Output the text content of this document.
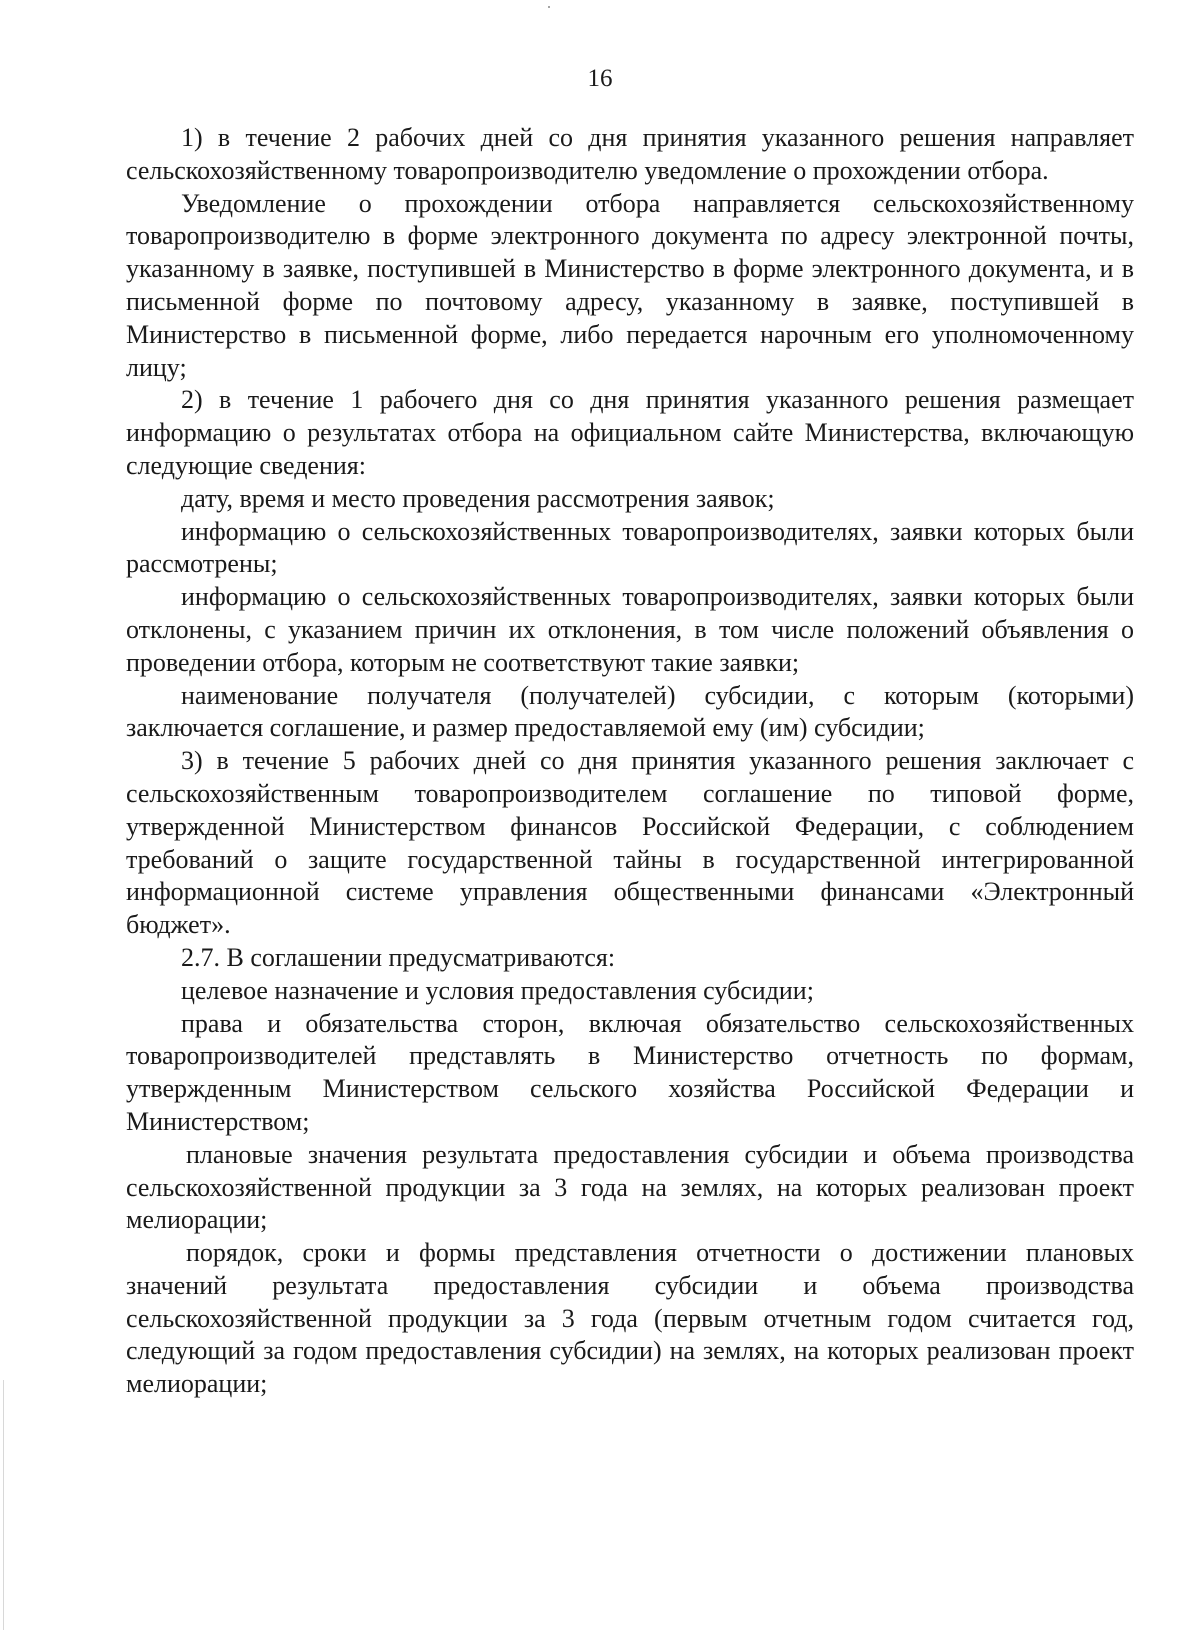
16

1) в течение 2 рабочих дней со дня принятия указанного решения направляет сельскохозяйственному товаропроизводителю уведомление о прохождении отбора.

Уведомление о прохождении отбора направляется сельскохозяйственному товаропроизводителю в форме электронного документа по адресу электронной почты, указанному в заявке, поступившей в Министерство в форме электронного документа, и в письменной форме по почтовому адресу, указанному в заявке, поступившей в Министерство в письменной форме, либо передается нарочным его уполномоченному лицу;

2) в течение 1 рабочего дня со дня принятия указанного решения размещает информацию о результатах отбора на официальном сайте Министерства, включающую следующие сведения:

дату, время и место проведения рассмотрения заявок;

информацию о сельскохозяйственных товаропроизводителях, заявки которых были рассмотрены;

информацию о сельскохозяйственных товаропроизводителях, заявки которых были отклонены, с указанием причин их отклонения, в том числе положений объявления о проведении отбора, которым не соответствуют такие заявки;

наименование получателя (получателей) субсидии, с которым (которыми) заключается соглашение, и размер предоставляемой ему (им) субсидии;

3) в течение 5 рабочих дней со дня принятия указанного решения заключает с сельскохозяйственным товаропроизводителем соглашение по типовой форме, утвержденной Министерством финансов Российской Федерации, с соблюдением требований о защите государственной тайны в государственной интегрированной информационной системе управления общественными финансами «Электронный бюджет».

2.7. В соглашении предусматриваются:

целевое назначение и условия предоставления субсидии;

права и обязательства сторон, включая обязательство сельскохозяйственных товаропроизводителей представлять в Министерство отчетность по формам, утвержденным Министерством сельского хозяйства Российской Федерации и Министерством;

плановые значения результата предоставления субсидии и объема производства сельскохозяйственной продукции за 3 года на землях, на которых реализован проект мелиорации;

порядок, сроки и формы представления отчетности о достижении плановых значений результата предоставления субсидии и объема производства сельскохозяйственной продукции за 3 года (первым отчетным годом считается год, следующий за годом предоставления субсидии) на землях, на которых реализован проект мелиорации;
